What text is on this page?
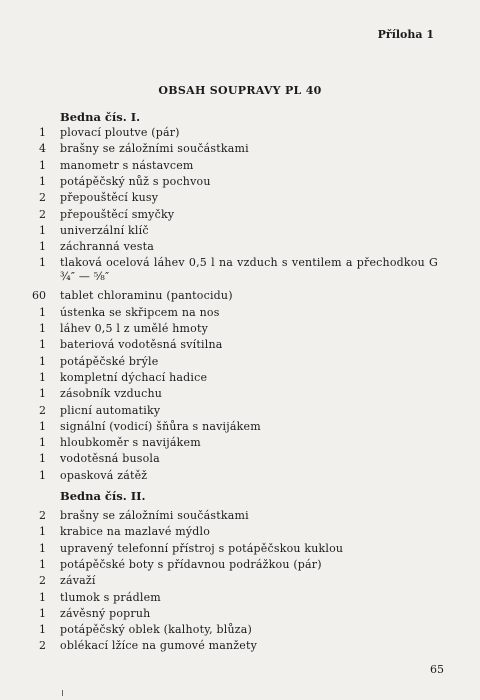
Příloha 1
OBSAH SOUPRAVY PL 40
Bedna čís. I.
1 plovací ploutve (pár)
4 brašny se záložními součástkami
1 manometr s nástavcem
1 potápěčský nůž s pochvou
2 přepouštěcí kusy
2 přepouštěcí smyčky
1 univerzální klíč
1 záchranná vesta
1 tlaková ocelová láhev 0,5 l na vzduch s ventilem a přechodkou G ¾″ — ⁵⁄₈″
60 tablet chloraminu (pantocidu)
1 ústenka se skřipcem na nos
1 láhev 0,5 l z umělé hmoty
1 bateriová vodotěsná svítilna
1 potápěčské brýle
1 kompletní dýchací hadice
1 zásobník vzduchu
2 plicní automatiky
1 signální (vodicí) šňůra s navijákem
1 hloubkoměr s navijákem
1 vodotěsná busola
1 opasková zátěž
Bedna čís. II.
2 brašny se záložními součástkami
1 krabice na mazlavé mýdlo
1 upravený telefonní přístroj s potápěčskou kuklou
1 potápěčské boty s přídavnou podrážkou (pár)
2 závaží
1 tlumok s prádlem
1 závěsný popruh
1 potápěčský oblek (kalhoty, blůza)
2 oblékací lžíce na gumové manžety
65
